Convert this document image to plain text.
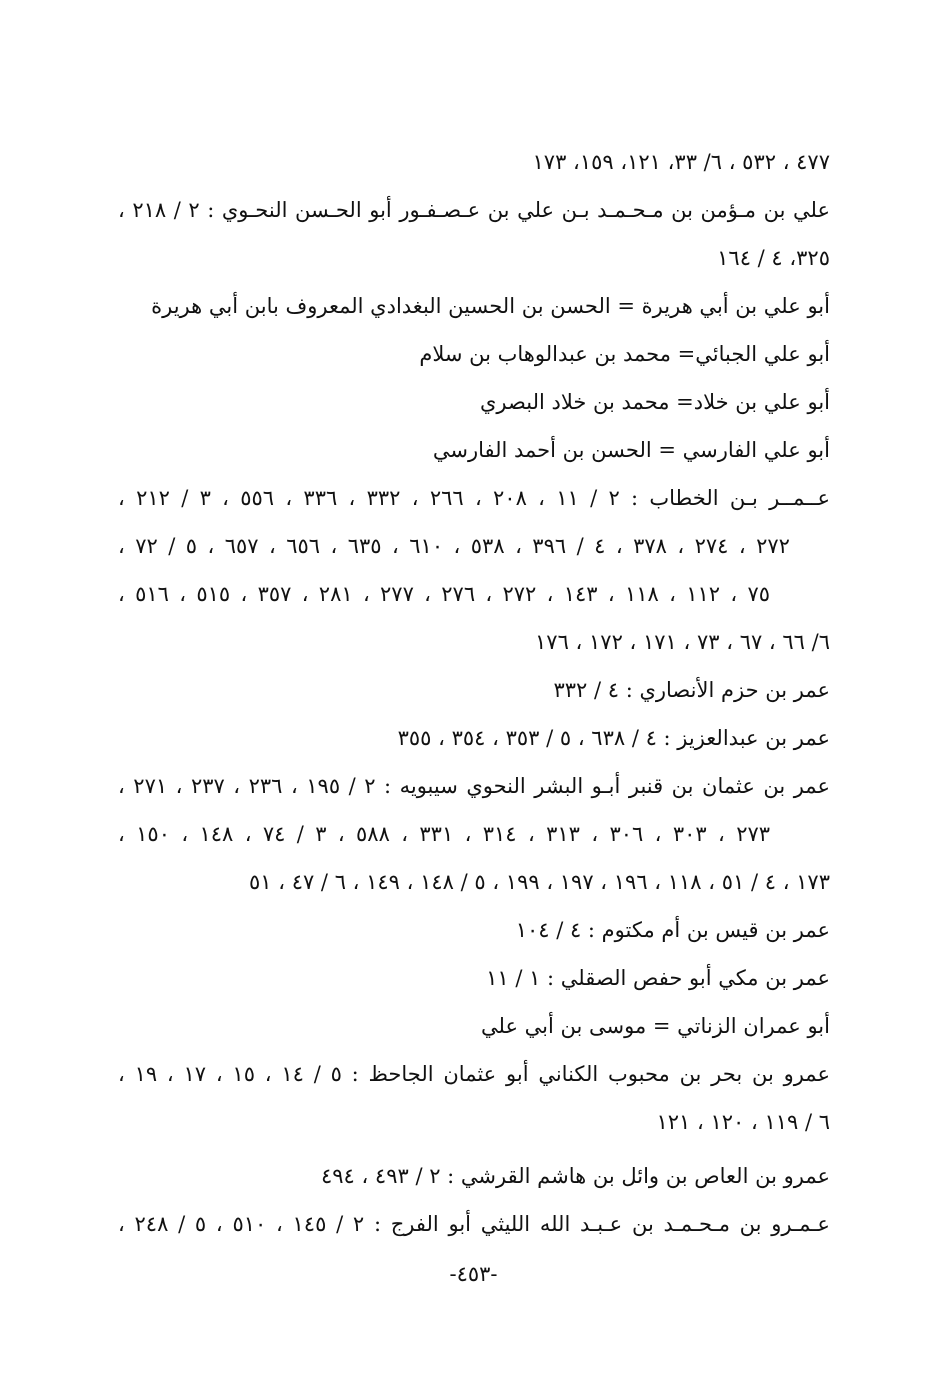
٤٧٧ ، ٥٣٢ ، ٦/ ٣٣، ١٢١، ١٥٩، ١٧٣
علي بن مـؤمن بن مـحـمـد بـن علي بن عـصـفـور أبو الحـسن النحـوي : ٢ / ٢١٨ ،
٣٢٥، ٤ / ١٦٤
أبو علي بن أبي هريرة = الحسن بن الحسين البغدادي المعروف بابن أبي هريرة
أبو علي الجبائي= محمد بن عبدالوهاب بن سلام
أبو علي بن خلاد= محمد بن خلاد البصري
أبو علي الفارسي = الحسن بن أحمد الفارسي
عــمــر بـن الخطاب : ٢ / ١١ ، ٢٠٨ ، ٢٦٦ ، ٣٣٢ ، ٣٣٦ ، ٥٥٦ ، ٣ / ٢١٢ ،
٢٧٢ ، ٢٧٤ ، ٣٧٨ ، ٤ / ٣٩٦ ، ٥٣٨ ، ٦١٠ ، ٦٣٥ ، ٦٥٦ ، ٦٥٧ ، ٥ / ٧٢ ،
٧٥ ، ١١٢ ، ١١٨ ، ١٤٣ ، ٢٧٢ ، ٢٧٦ ، ٢٧٧ ، ٢٨١ ، ٣٥٧ ، ٥١٥ ، ٥١٦ ،
٦/ ٦٦ ، ٦٧ ، ٧٣ ، ١٧١ ، ١٧٢ ، ١٧٦
عمر بن حزم الأنصاري : ٤ / ٣٣٢
عمر بن عبدالعزيز : ٤ / ٦٣٨ ، ٥ / ٣٥٣ ، ٣٥٤ ، ٣٥٥
عمر بن عثمان بن قنبر أبـو البشر النحوي سيبويه : ٢ / ١٩٥ ، ٢٣٦ ، ٢٣٧ ، ٢٧١ ،
٢٧٣ ، ٣٠٣ ، ٣٠٦ ، ٣١٣ ، ٣١٤ ، ٣٣١ ، ٥٨٨ ، ٣ / ٧٤ ، ١٤٨ ، ١٥٠ ،
١٧٣ ، ٤ / ٥١ ، ١١٨ ، ١٩٦ ، ١٩٧ ، ١٩٩ ، ٥ / ١٤٨ ، ١٤٩ ، ٦ / ٤٧ ، ٥١
عمر بن قيس بن أم مكتوم : ٤ / ١٠٤
عمر بن مكي أبو حفص الصقلي : ١ / ١١
أبو عمران الزناتي = موسى بن أبي علي
عمرو بن بحر بن محبوب الكناني أبو عثمان الجاحظ : ٥ / ١٤ ، ١٥ ، ١٧ ، ١٩ ،
٦ / ١١٩ ، ١٢٠ ، ١٢١
عمرو بن العاص بن وائل بن هاشم القرشي : ٢ / ٤٩٣ ، ٤٩٤
عـمـرو بن مـحـمـد بن عـبـد الله الليثي أبو الفرج : ٢ / ١٤٥ ، ٥١٠ ، ٥ / ٢٤٨ ،
-٤٥٣-
